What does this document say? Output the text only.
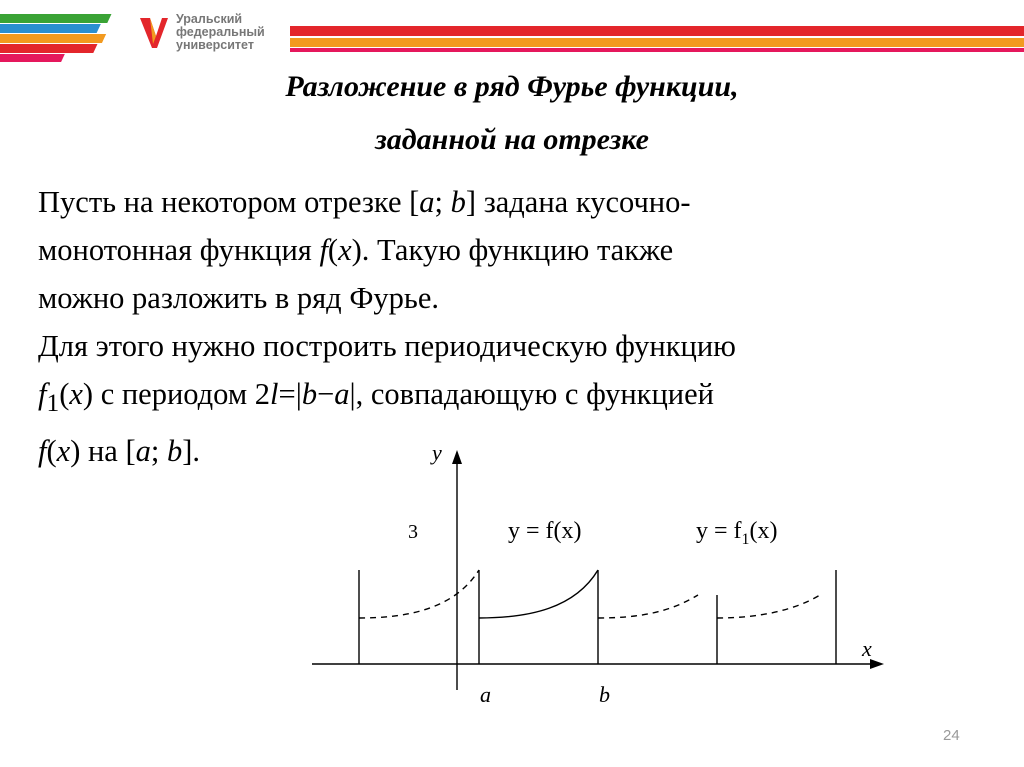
Уральский
федеральный
университет
Разложение в ряд Фурье функции,
заданной на отрезке

Пусть на некотором отрезке [a; b] задана кусочно-

монотонная функция f(x). Такую функцию также

можно разложить в ряд Фурье.

Для этого нужно построить периодическую функцию

$f_1(x)$ с периодом 2l=|b−a|, совпадающую с функцией

f(x) на [a; b].	y
x
3	y = f(x)	$y = f_1(x)$
a	b
24
